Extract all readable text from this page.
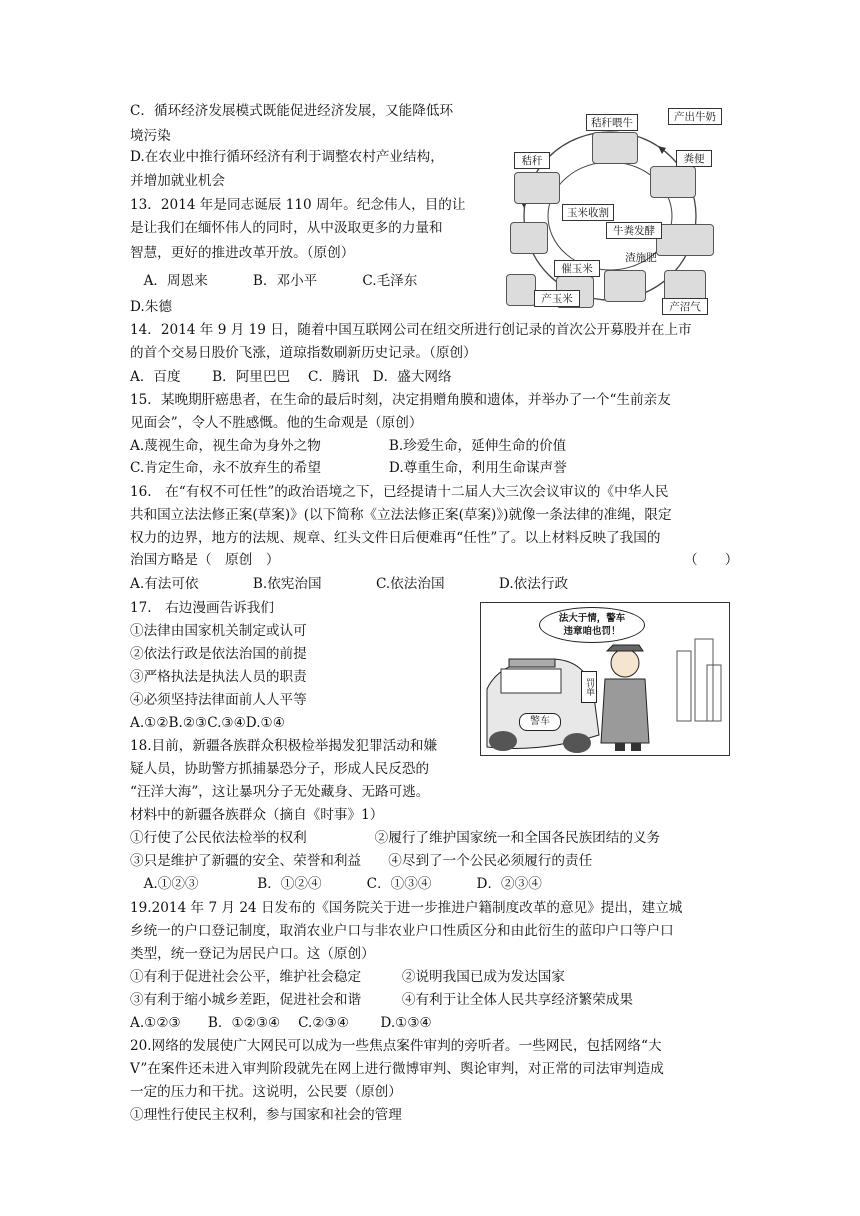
C．循环经济发展模式既能促进经济发展，又能降低环
境污染
D.在农业中推行循环经济有利于调整农村产业结构，
并增加就业机会
13．2014 年是同志诞辰 110 周年。纪念伟人，目的让
是让我们在缅怀伟人的同时，从中汲取更多的力量和
智慧，更好的推进改革开放。（原创）
　A．周恩来　　　 B．邓小平　　　 C.毛泽东
D.朱德
14．2014 年 9 月 19 日，随着中国互联网公司在纽交所进行创记录的首次公开募股并在上市
的首个交易日股价飞涨，道琼指数刷新历史记录。（原创）
A．百度　　 B．阿里巴巴　 C．腾讯　D．盛大网络
15．某晚期肝癌患者，在生命的最后时刻，决定捐赠角膜和遗体，并举办了一个“生前亲友
见面会”，令人不胜感慨。他的生命观是（原创）
A.蔑视生命，视生命为身外之物　　　　　B.珍爱生命，延伸生命的价值
C.肯定生命，永不放弃生的希望　　　　　D.尊重生命，利用生命谋声誉
16.　在“有权不可任性”的政治语境之下，已经提请十二届人大三次会议审议的《中华人民
共和国立法法修正案(草案)》(以下简称《立法法修正案(草案)》)就像一条法律的准绳，限定
权力的边界，地方的法规、规章、红头文件日后便难再“任性”了。以上材料反映了我国的
治国方略是（　原创　）	（　　）
A.有法可依　　　　B.依宪治国　　　　C.依法治国　　　　D.依法行政
17.　右边漫画告诉我们
①法律由国家机关制定或认可
②依法行政是依法治国的前提
③严格执法是执法人员的职责
④必须坚持法律面前人人平等
A.①②B.②③C.③④D.①④
18.目前，新疆各族群众积极检举揭发犯罪活动和嫌
疑人员，协助警方抓捕暴恐分子，形成人民反恐的
“汪洋大海”，这让暴巩分子无处藏身、无路可逃。
材料中的新疆各族群众（摘自《时事》1）
①行使了公民依法检举的权利　　　　　②履行了维护国家统一和全国各民族团结的义务
③只是维护了新疆的安全、荣誉和利益　　④尽到了一个公民必须履行的责任
　A.①②③　　　　 B．①②④　　　 C．①③④　　　 D．②③④
19.2014 年 7 月 24 日发布的《国务院关于进一步推进户籍制度改革的意见》提出，建立城
乡统一的户口登记制度，取消农业户口与非农业户口性质区分和由此衍生的蓝印户口等户口
类型，统一登记为居民户口。这（原创）
①有利于促进社会公平，维护社会稳定　　　②说明我国已成为发达国家
③有利于缩小城乡差距，促进社会和谐　　　④有利于让全体人民共享经济繁荣成果
A.①②③　　B．①②③④　 C.②③④　　 D.①③④
20.网络的发展使广大网民可以成为一些焦点案件审判的旁听者。一些网民，包括网络“大
V”在案件还未进入审判阶段就先在网上进行微博审判、舆论审判，对正常的司法审判造成
一定的压力和干扰。这说明，公民要（原创）
①理性行使民主权利，参与国家和社会的管理
秸秆喂牛	产出牛奶
粪便
秸秆
玉米收割
牛粪发酵
渣施肥
催玉米
产玉米
产沼气
法大于情，警车
违章咱也罚！
罚单
警车
